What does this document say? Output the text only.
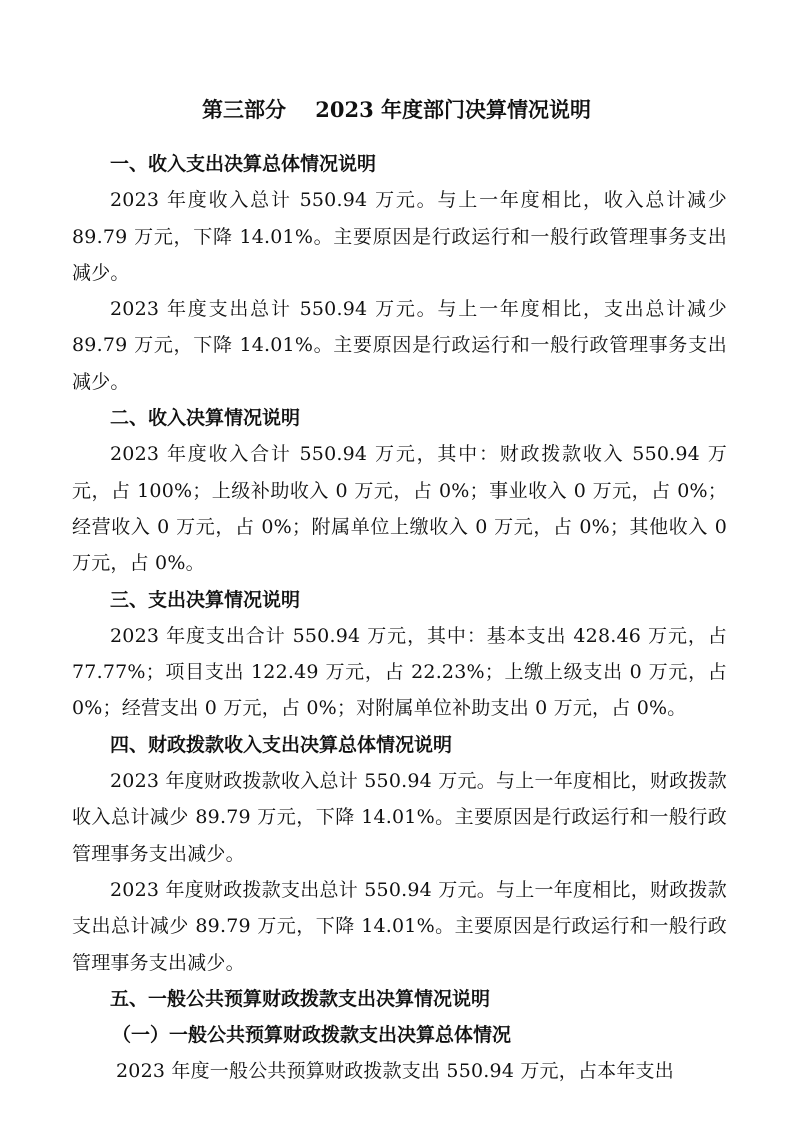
第三部分    2023 年度部门决算情况说明

一、收入支出决算总体情况说明

2023 年度收入总计 550.94 万元。与上一年度相比，收入总计减少 89.79 万元，下降 14.01%。主要原因是行政运行和一般行政管理事务支出减少。

2023 年度支出总计 550.94 万元。与上一年度相比，支出总计减少 89.79 万元，下降 14.01%。主要原因是行政运行和一般行政管理事务支出减少。

二、收入决算情况说明

2023 年度收入合计 550.94 万元，其中：财政拨款收入 550.94 万元，占 100%；上级补助收入 0 万元，占 0%；事业收入 0 万元，占 0%；经营收入 0 万元，占 0%；附属单位上缴收入 0 万元，占 0%；其他收入 0 万元，占 0%。

三、支出决算情况说明

2023 年度支出合计 550.94 万元，其中：基本支出 428.46 万元，占 77.77%；项目支出 122.49 万元，占 22.23%；上缴上级支出 0 万元，占 0%；经营支出 0 万元，占 0%；对附属单位补助支出 0 万元，占 0%。

四、财政拨款收入支出决算总体情况说明

2023 年度财政拨款收入总计 550.94 万元。与上一年度相比，财政拨款收入总计减少 89.79 万元，下降 14.01%。主要原因是行政运行和一般行政管理事务支出减少。

2023 年度财政拨款支出总计 550.94 万元。与上一年度相比，财政拨款支出总计减少 89.79 万元，下降 14.01%。主要原因是行政运行和一般行政管理事务支出减少。

五、一般公共预算财政拨款支出决算情况说明

（一）一般公共预算财政拨款支出决算总体情况

2023 年度一般公共预算财政拨款支出 550.94 万元，占本年支出
